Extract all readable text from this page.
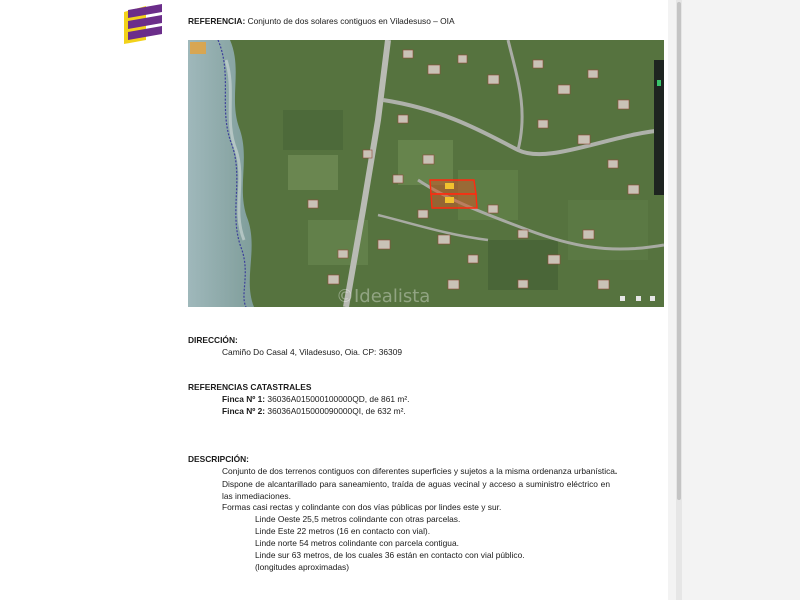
REFERENCIA: Conjunto de dos solares contiguos en Viladesuso – OIA
©Idealista
DIRECCIÓN:
Camiño Do Casal 4, Viladesuso, Oia. CP: 36309
REFERENCIAS CATASTRALES
Finca Nº 1: 36036A015000100000QD, de 861 m².
Finca Nº 2: 36036A015000090000QI, de 632 m².
DESCRIPCIÓN:
Conjunto de dos terrenos contiguos con diferentes superficies y sujetos a la misma ordenanza urbanística.
Dispone de alcantarillado para saneamiento, traída de aguas vecinal y acceso a suministro eléctrico en las inmediaciones.
Formas casi rectas y colindante con dos vías públicas por lindes este y sur.
Linde Oeste 25,5 metros colindante con otras parcelas.
Linde Este 22 metros (16 en contacto con vial).
Linde norte 54 metros colindante con parcela contigua.
Linde sur 63 metros, de los cuales 36 están en contacto con vial público.
(longitudes aproximadas)
